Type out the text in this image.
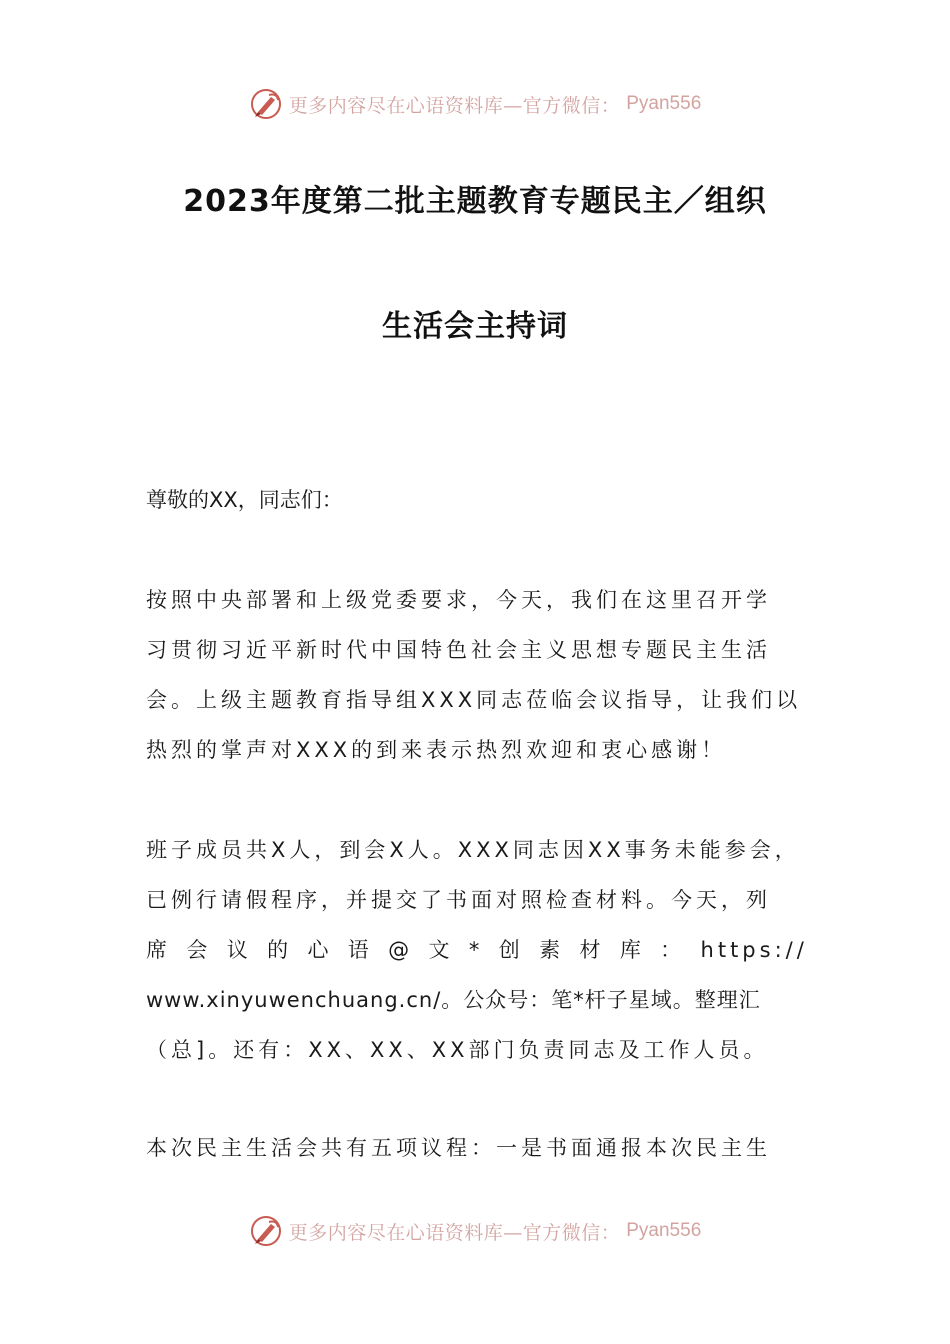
更多内容尽在心语资料库—官方微信： Pyan556
2023年度第二批主题教育专题民主／组织
生活会主持词
尊敬的XX，同志们：
按照中央部署和上级党委要求，今天，我们在这里召开学
习贯彻习近平新时代中国特色社会主义思想专题民主生活
会。上级主题教育指导组XXX同志莅临会议指导，让我们以
热烈的掌声对XXX的到来表示热烈欢迎和衷心感谢！
班子成员共X人，到会X人。XXX同志因XX事务未能参会，
已例行请假程序，并提交了书面对照检查材料。今天，列
席 会 议 的 心 语 @ 文 * 创 素 材 库 ： https://
www.xinyuwenchuang.cn/。公众号：笔*杆子星域。整理汇
（总]。还有：XX、XX、XX部门负责同志及工作人员。
本次民主生活会共有五项议程：一是书面通报本次民主生
更多内容尽在心语资料库—官方微信： Pyan556
